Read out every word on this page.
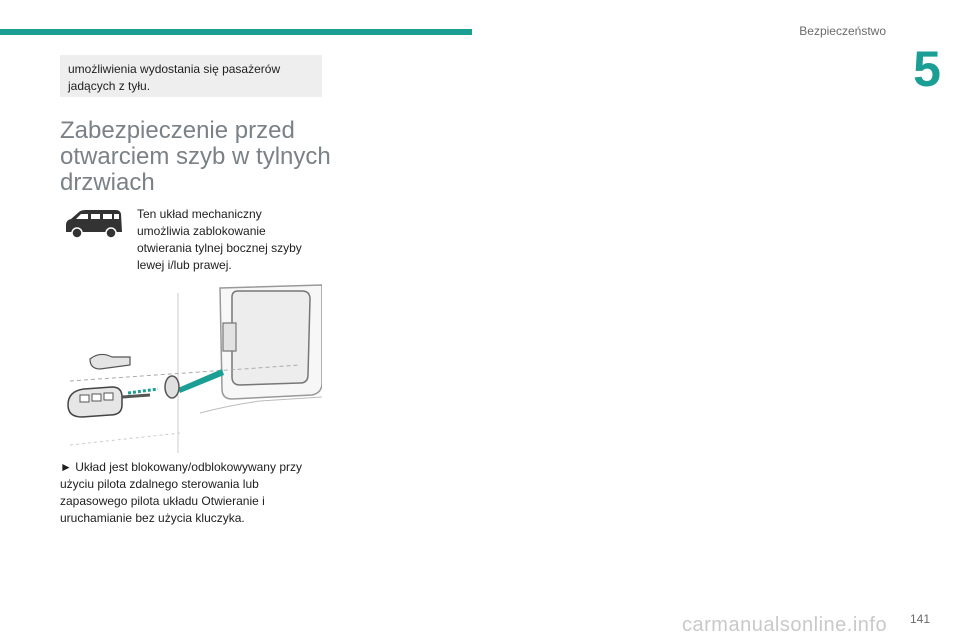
Bezpieczeństwo
5
umożliwienia wydostania się pasażerów jadących z tyłu.
Zabezpieczenie przed otwarciem szyb w tylnych drzwiach
Ten układ mechaniczny umożliwia zablokowanie otwierania tylnej bocznej szyby lewej i/lub prawej.
► Układ jest blokowany/odblokowywany przy użyciu pilota zdalnego sterowania lub zapasowego pilota układu Otwieranie i uruchamianie bez użycia kluczyka.
141
carmanualsonline.info
